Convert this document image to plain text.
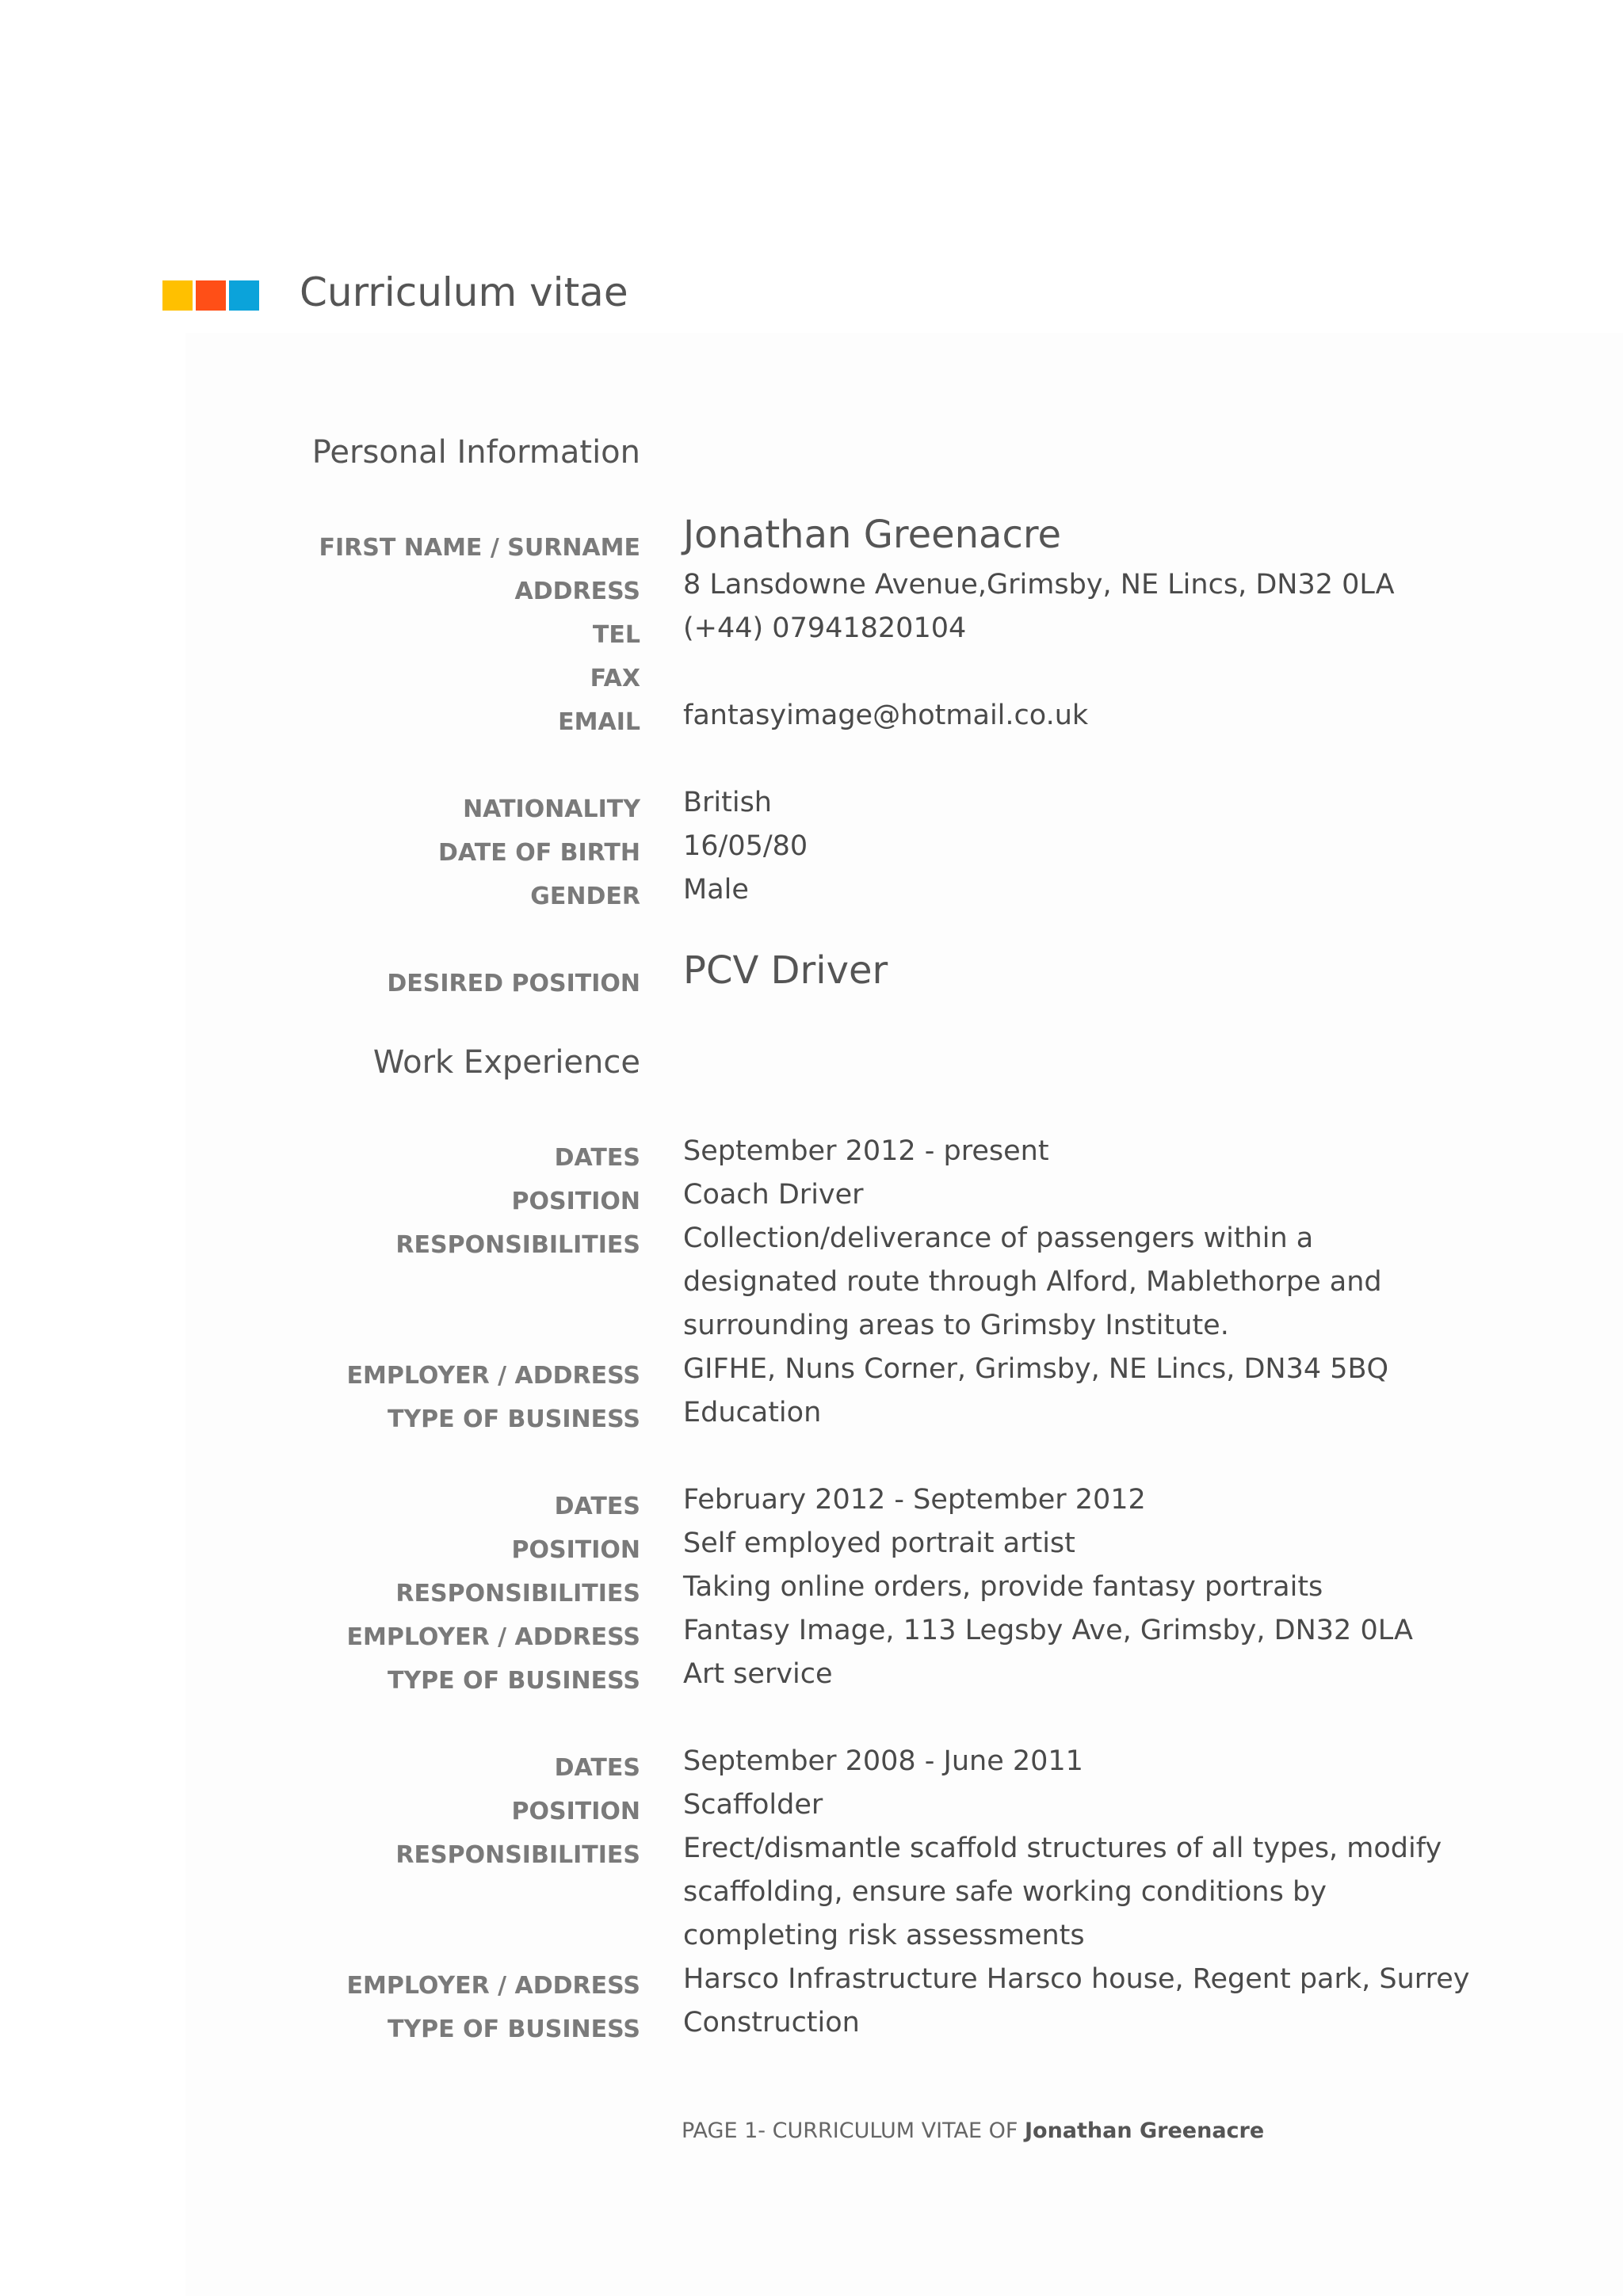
Curriculum vitae
Personal Information
FIRST NAME / SURNAME Jonathan Greenacre
ADDRESS 8 Lansdowne Avenue,Grimsby, NE Lincs, DN32 0LA
TEL (+44) 07941820104
FAX
EMAIL fantasyimage@hotmail.co.uk
NATIONALITY British
DATE OF BIRTH 16/05/80
GENDER Male
DESIRED POSITION PCV Driver
Work Experience
DATES September 2012 - present
POSITION Coach Driver
RESPONSIBILITIES Collection/deliverance of passengers within a
designated route through Alford, Mablethorpe and
surrounding areas to Grimsby Institute.
EMPLOYER / ADDRESS GIFHE, Nuns Corner, Grimsby, NE Lincs, DN34 5BQ
TYPE OF BUSINESS Education
DATES February 2012 - September 2012
POSITION Self employed portrait artist
RESPONSIBILITIES Taking online orders, provide fantasy portraits
EMPLOYER / ADDRESS Fantasy Image, 113 Legsby Ave, Grimsby, DN32 0LA
TYPE OF BUSINESS Art service
DATES September 2008 - June 2011
POSITION Scaffolder
RESPONSIBILITIES Erect/dismantle scaffold structures of all types, modify
scaffolding, ensure safe working conditions by
completing risk assessments
EMPLOYER / ADDRESS Harsco Infrastructure Harsco house, Regent park, Surrey
TYPE OF BUSINESS Construction
PAGE 1- CURRICULUM VITAE OF Jonathan Greenacre
